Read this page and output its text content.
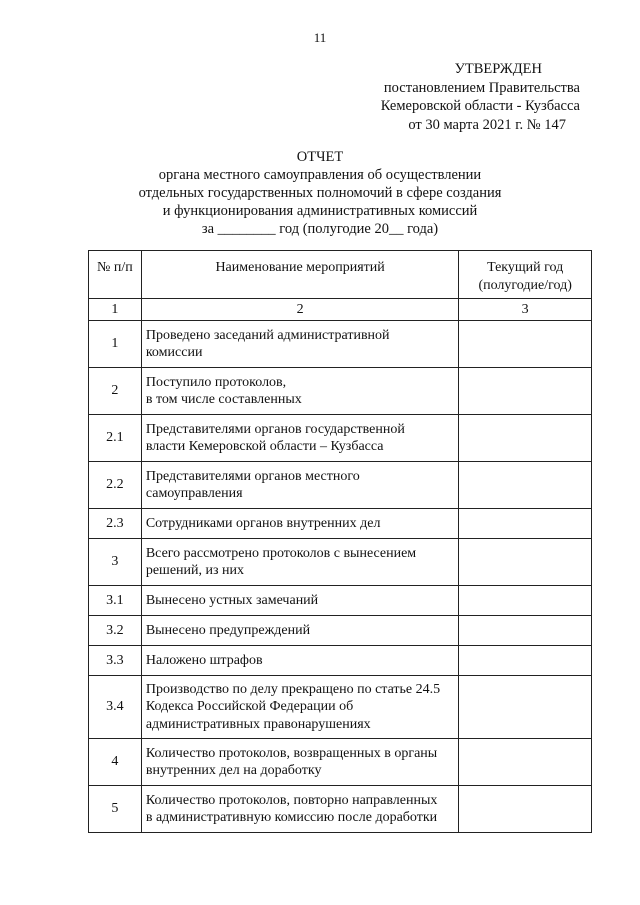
11
УТВЕРЖДЕН
постановлением Правительства
Кемеровской области - Кузбасса
от 30 марта 2021 г. № 147
ОТЧЕТ
органа местного самоуправления об осуществлении
отдельных государственных полномочий в сфере создания
и функционирования административных комиссий
за ________ год (полугодие 20__ года)
№ п/п	Наименование мероприятий	Текущий год
(полугодие/год)

1	2	3
1	Проведено заседаний административной
комиссии	

2	Поступило протоколов,
в том числе составленных	

2.1	Представителями органов государственной
власти Кемеровской области – Кузбасса	

2.2	Представителями органов местного
самоуправления	

2.3	Сотрудниками органов внутренних дел	

3	Всего рассмотрено протоколов с вынесением
решений, из них	

3.1	Вынесено устных замечаний	

3.2	Вынесено предупреждений	

3.3	Наложено штрафов	

3.4	Производство по делу прекращено по статье 24.5
Кодекса Российской Федерации об
административных правонарушениях	

4	Количество протоколов, возвращенных в органы
внутренних дел на доработку	

5	Количество протоколов, повторно направленных
в административную комиссию после доработки	
